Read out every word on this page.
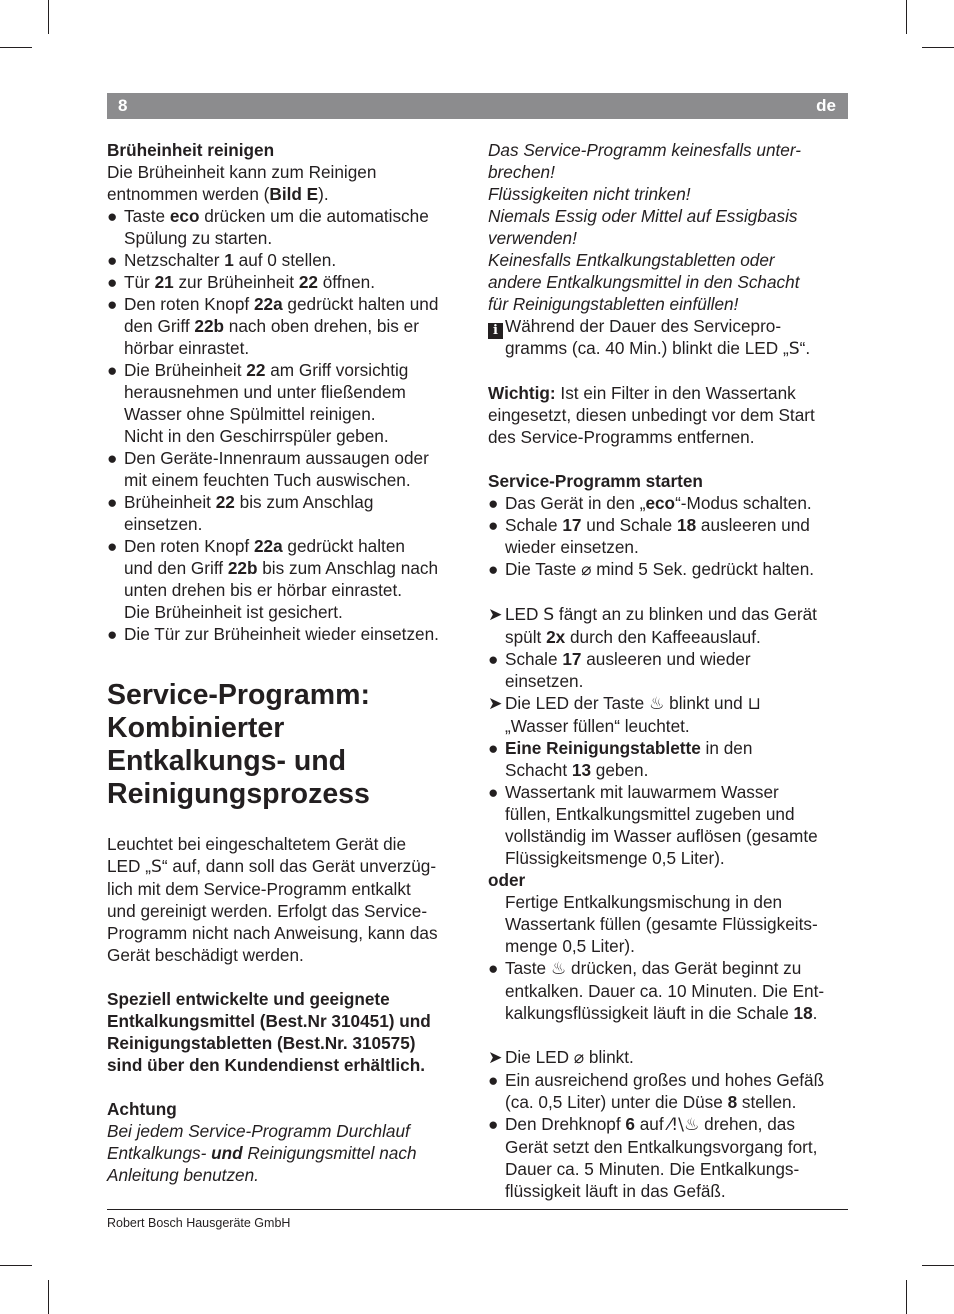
8	de

Brüheinheit reinigen

Die Brüheinheit kann zum Reinigen

entnommen werden (Bild E).

● Taste eco drücken um die automatische
Spülung zu starten.
● Netzschalter 1 auf 0 stellen.
● Tür 21 zur Brüheinheit 22 öffnen.
● Den roten Knopf 22a gedrückt halten und
den Griff 22b nach oben drehen, bis er
hörbar einrastet.
● Die Brüheinheit 22 am Griff vorsichtig
herausnehmen und unter fließendem
Wasser ohne Spülmittel reinigen.
Nicht in den Geschirrspüler geben.
● Den Geräte-Innenraum aussaugen oder
mit einem feuchten Tuch auswischen.
● Brüheinheit 22 bis zum Anschlag
einsetzen.
● Den roten Knopf 22a gedrückt halten
und den Griff 22b bis zum Anschlag nach
unten drehen bis er hörbar einrastet.
Die Brüheinheit ist gesichert.
● Die Tür zur Brüheinheit wieder einsetzen.

Service-Programm:

Kombinierter

Entkalkungs- und

Reinigungsprozess

Leuchtet bei eingeschaltetem Gerät die

LED „S“ auf, dann soll das Gerät unverzüg-

lich mit dem Service-Programm entkalkt

und gereinigt werden. Erfolgt das Service-

Programm nicht nach Anweisung, kann das

Gerät beschädigt werden.

Speziell entwickelte und geeignete

Entkalkungsmittel (Best.Nr 310451) und

Reinigungstabletten (Best.Nr. 310575)

sind über den Kundendienst erhältlich.

Achtung

Bei jedem Service-Programm Durchlauf

Entkalkungs- und Reinigungsmittel nach

Anleitung benutzen.

Das Service-Programm keinesfalls unter-

brechen!

Flüssigkeiten nicht trinken!

Niemals Essig oder Mittel auf Essigbasis

verwenden!

Keinesfalls Entkalkungstabletten oder

andere Entkalkungsmittel in den Schacht

für Reinigungstabletten einfüllen!

i Während der Dauer des Servicepro-
gramms (ca. 40 Min.) blinkt die LED „S“.

Wichtig: Ist ein Filter in den Wassertank

eingesetzt, diesen unbedingt vor dem Start

des Service-Programms entfernen.

Service-Programm starten

● Das Gerät in den „eco“-Modus schalten.
● Schale 17 und Schale 18 ausleeren und
wieder einsetzen.
● Die Taste ⌀ mind 5 Sek. gedrückt halten.
➤ LED S fängt an zu blinken und das Gerät
spült 2x durch den Kaffeeauslauf.
● Schale 17 ausleeren und wieder
einsetzen.
➤ Die LED der Taste ♨ blinkt und ⊔
„Wasser füllen“ leuchtet.
● Eine Reinigungstablette in den
Schacht 13 geben.
● Wassertank mit lauwarmem Wasser
füllen, Entkalkungsmittel zugeben und
vollständig im Wasser auflösen (gesamte
Flüssigkeitsmenge 0,5 Liter).

oder

Fertige Entkalkungsmischung in den

Wassertank füllen (gesamte Flüssigkeits-

menge 0,5 Liter).

● Taste ♨ drücken, das Gerät beginnt zu
entkalken. Dauer ca. 10 Minuten. Die Ent-
kalkungsflüssigkeit läuft in die Schale 18.
➤ Die LED ⌀ blinkt.
● Ein ausreichend großes und hohes Gefäß
(ca. 0,5 Liter) unter die Düse 8 stellen.
● Den Drehknopf 6 auf ⁄!\♨ drehen, das
Gerät setzt den Entkalkungsvorgang fort,
Dauer ca. 5 Minuten. Die Entkalkungs-
flüssigkeit läuft in das Gefäß.
Robert Bosch Hausgeräte GmbH
